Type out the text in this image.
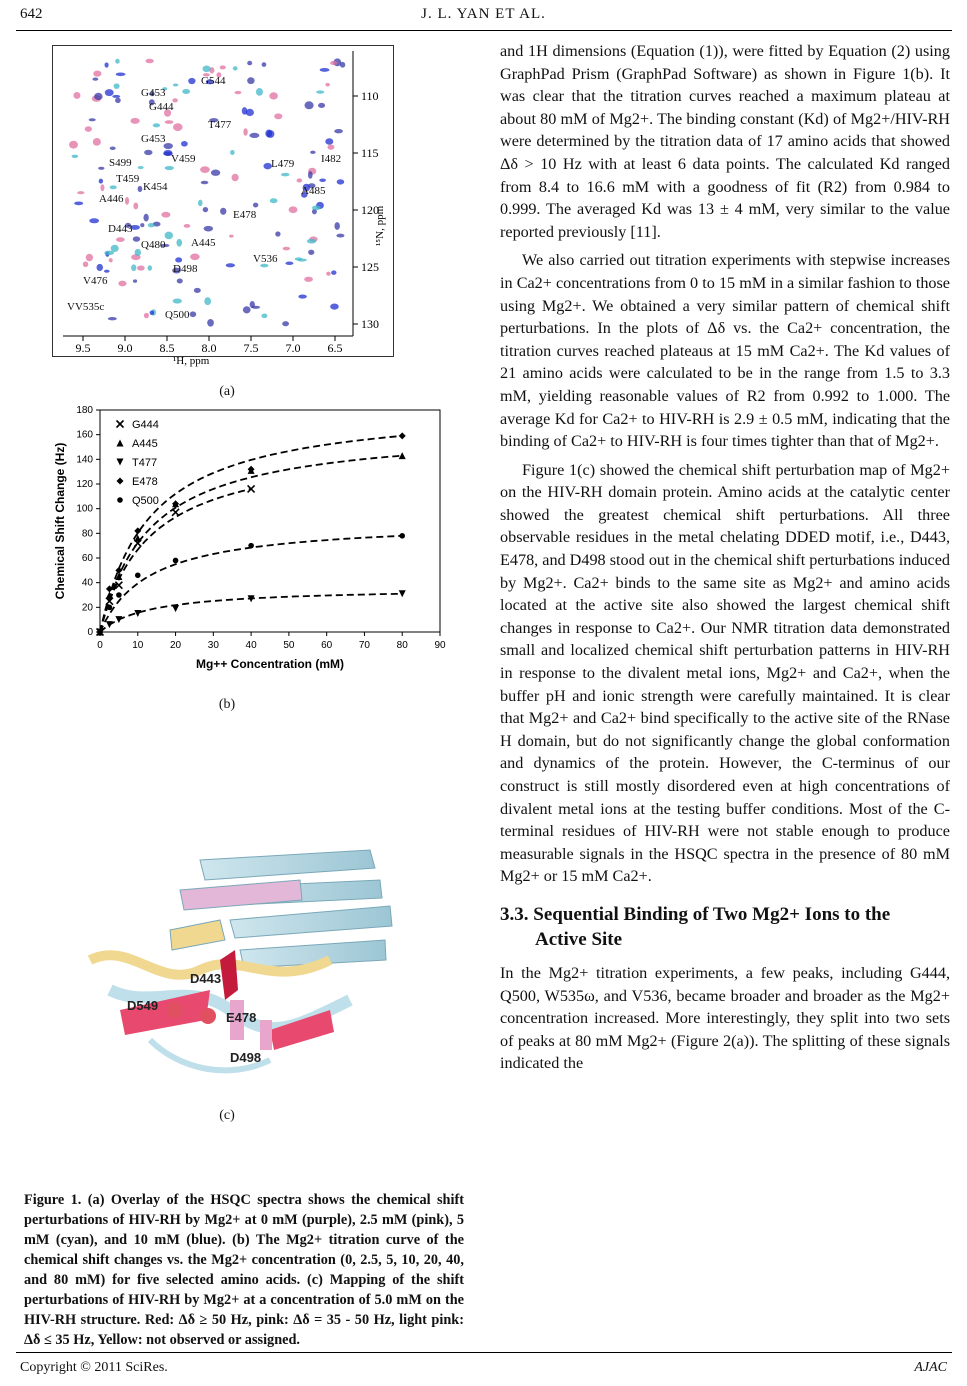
642	J. L. YAN ET AL.
9.5 9.0 8.5 8.0 7.5 7.0 6.5
110
115
120
125
130
¹⁵N, ppm
¹H, ppm
G453
G544
G444
T477
G453
S499	V459	L479 I482
T459
K454
A446
A485
E478
D443
Q480 A445
V536
V476
D498
VV535c
Q500
(a)
0	10	20	30	40	50	60	70	80	90
0
20
40
60
80
100
120
140
160
180
Mg++ Concentration (mM)
Chemical Shift Change (Hz)
G444
A445
T477
E478
Q500
(b)
D443
D549
E478
D498
(c)
Figure 1. (a) Overlay of the HSQC spectra shows the chemical shift perturbations of HIV-RH by Mg2+ at 0 mM (purple), 2.5 mM (pink), 5 mM (cyan), and 10 mM (blue). (b) The Mg2+ titration curve of the chemical shift changes vs. the Mg2+ concentration (0, 2.5, 5, 10, 20, 40, and 80 mM) for five selected amino acids. (c) Mapping of the shift perturbations of HIV-RH by Mg2+ at a concentration of 5.0 mM on the HIV-RH structure. Red: Δδ ≥ 50 Hz, pink: Δδ = 35 - 50 Hz, light pink: Δδ ≤ 35 Hz, Yellow: not observed or assigned.

and 1H dimensions (Equation (1)), were fitted by Equation (2) using GraphPad Prism (GraphPad Software) as shown in Figure 1(b). It was clear that the titration curves reached a maximum plateau at about 80 mM of Mg2+. The binding constant (Kd) of Mg2+/HIV-RH were determined by the titration data of 17 amino acids that showed Δδ > 10 Hz with at least 6 data points. The calculated Kd ranged from 8.4 to 16.6 mM with a goodness of fit (R2) from 0.984 to 0.999. The averaged Kd was 13 ± 4 mM, very similar to the value reported previously [11].

We also carried out titration experiments with stepwise increases in Ca2+ concentrations from 0 to 15 mM in a similar fashion to those using Mg2+. We obtained a very similar pattern of chemical shift perturbations. In the plots of Δδ vs. the Ca2+ concentration, the titration curves reached plateaus at 15 mM Ca2+. The Kd values of 21 amino acids were calculated to be in the range from 1.5 to 3.3 mM, yielding reasonable values of R2 from 0.992 to 1.000. The average Kd for Ca2+ to HIV-RH is 2.9 ± 0.5 mM, indicating that the binding of Ca2+ to HIV-RH is four times tighter than that of Mg2+.

Figure 1(c) showed the chemical shift perturbation map of Mg2+ on the HIV-RH domain protein. Amino acids at the catalytic center showed the greatest chemical shift perturbations. All three observable residues in the metal chelating DDED motif, i.e., D443, E478, and D498 stood out in the chemical shift perturbations induced by Mg2+. Ca2+ binds to the same site as Mg2+ and amino acids located at the active site also showed the largest chemical shift changes in response to Ca2+. Our NMR titration data demonstrated small and localized chemical shift perturbation patterns in HIV-RH in response to the divalent metal ions, Mg2+ and Ca2+, when the buffer pH and ionic strength were carefully maintained. It is clear that Mg2+ and Ca2+ bind specifically to the active site of the RNase H domain, but do not significantly change the global conformation and dynamics of the protein. However, the C-terminus of our construct is still mostly disordered even at high concentrations of divalent metal ions at the testing buffer conditions. Most of the C-terminal residues of HIV-RH were not stable enough to produce measurable signals in the HSQC spectra in the presence of 80 mM Mg2+ or 15 mM Ca2+.

3.3. Sequential Binding of Two Mg2+ Ions to the
Active Site

In the Mg2+ titration experiments, a few peaks, including G444, Q500, W535ω, and V536, became broader and broader as the Mg2+ concentration increased. More interestingly, they split into two sets of peaks at 80 mM Mg2+ (Figure 2(a)). The splitting of these signals indicated the

Copyright © 2011 SciRes.	AJAC
